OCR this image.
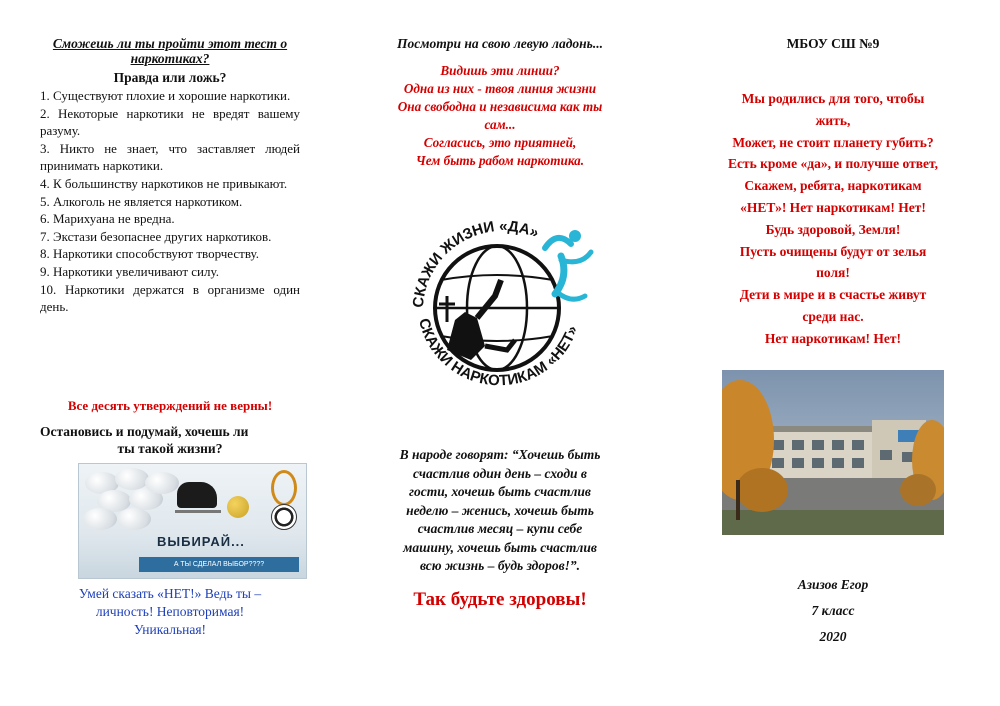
Сможешь ли ты пройти этот тест о наркотиках?
Правда или ложь?
1. Существуют плохие и хорошие наркотики.
2. Некоторые наркотики не вредят вашему разуму.
3. Никто не знает, что заставляет людей принимать наркотики.
4. К большинству наркотиков не привыкают.
5. Алкоголь не является наркотиком.
6. Марихуана не вредна.
7. Экстази безопаснее других наркотиков.
8. Наркотики способствуют творчеству.
9. Наркотики увеличивают силу.
10. Наркотики держатся в организме один день.
Все десять утверждений не верны!
Остановись и подумай, хочешь ли
ты такой жизни?
ВЫБИРАЙ...
А ТЫ СДЕЛАЛ ВЫБОР????
Умей сказать «НЕТ!» Ведь ты –
личность! Неповторимая!
Уникальная!
Посмотри на свою левую ладонь...
Видишь эти линии?
Одна из них - твоя линия жизни
Она свободна и независима как ты
сам...
Согласись, это приятней,
Чем быть рабом наркотика.
СКАЖИ ЖИЗНИ «ДА»
СКАЖИ НАРКОТИКАМ «НЕТ»
В народе говорят: “Хочешь быть
счастлив один день – сходи в
гости, хочешь быть счастлив
неделю – женись, хочешь быть
счастлив месяц – купи себе
машину, хочешь быть счастлив
всю жизнь – будь здоров!”.
Так будьте здоровы!
МБОУ СШ №9
Мы родились для того, чтобы
жить,
Может, не стоит планету губить?
Есть кроме «да», и получше ответ,
Скажем, ребята, наркотикам
«НЕТ»! Нет наркотикам! Нет!
Будь здоровой, Земля!
Пусть очищены будут от зелья
поля!
Дети в мире и в счастье живут
среди нас.
Нет наркотикам! Нет!
Азизов Егор
7 класс
2020
